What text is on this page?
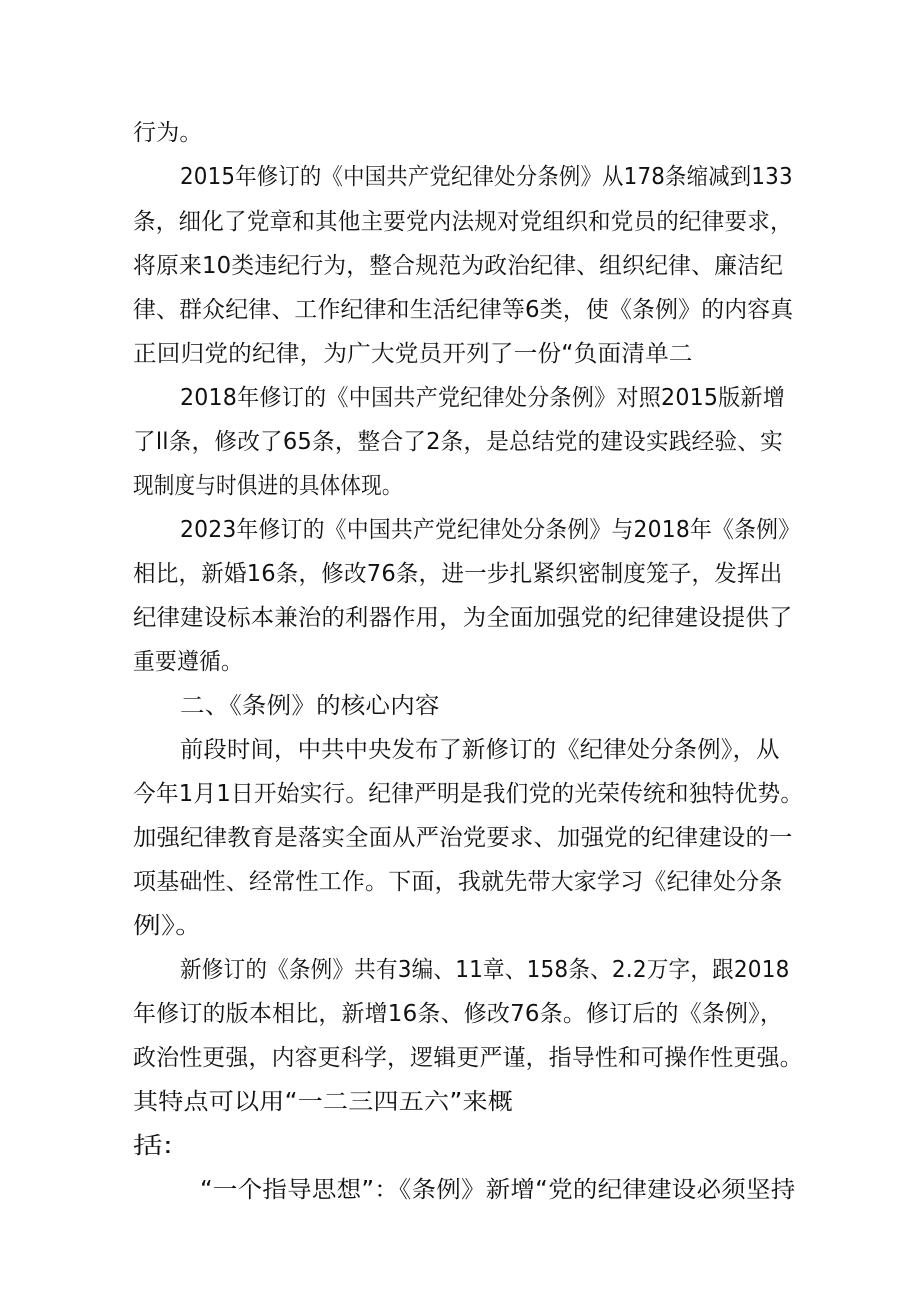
行为。
2015年修订的《中国共产党纪律处分条例》从178条缩减到133
条，细化了党章和其他主要党内法规对党组织和党员的纪律要求，
将原来10类违纪行为，整合规范为政治纪律、组织纪律、廉洁纪
律、群众纪律、工作纪律和生活纪律等6类，使《条例》的内容真
正回归党的纪律，为广大党员开列了一份“负面清单二
2018年修订的《中国共产党纪律处分条例》对照2015版新增
了ll条，修改了65条，整合了2条，是总结党的建设实践经验、实
现制度与时俱进的具体体现。
2023年修订的《中国共产党纪律处分条例》与2018年《条例》
相比，新婚16条，修改76条，进一步扎紧织密制度笼子，发挥出
纪律建设标本兼治的利器作用，为全面加强党的纪律建设提供了
重要遵循。
二、《条例》的核心内容
前段时间，中共中央发布了新修订的《纪律处分条例》，从
今年1月1日开始实行。纪律严明是我们党的光荣传统和独特优势。
加强纪律教育是落实全面从严治党要求、加强党的纪律建设的一
项基础性、经常性工作。下面，我就先带大家学习《纪律处分条
例》。
新修订的《条例》共有3编、11章、158条、2.2万字，跟2018
年修订的版本相比，新增16条、修改76条。修订后的《条例》，
政治性更强，内容更科学，逻辑更严谨，指导性和可操作性更强。
其特点可以用“一二三四五六”来概
括:
“一个指导思想”：《条例》新增“党的纪律建设必须坚持
